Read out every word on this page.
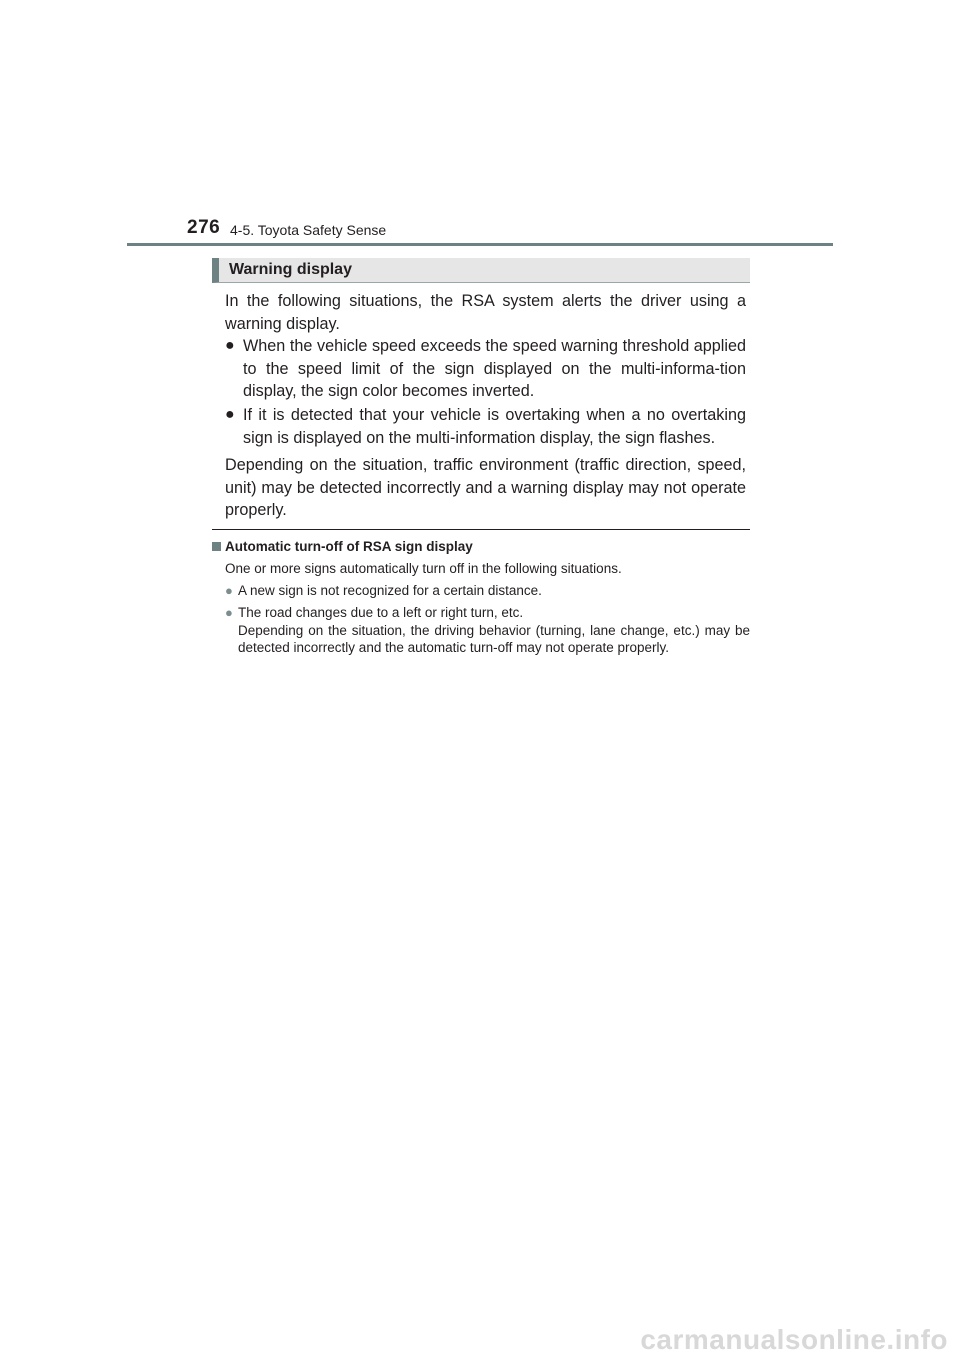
276 4-5. Toyota Safety Sense
Warning display

In the following situations, the RSA system alerts the driver using a warning display.

● When the vehicle speed exceeds the speed warning threshold applied to the speed limit of the sign displayed on the multi-informa-tion display, the sign color becomes inverted.
● If it is detected that your vehicle is overtaking when a no overtaking sign is displayed on the multi-information display, the sign flashes.

Depending on the situation, traffic environment (traffic direction, speed, unit) may be detected incorrectly and a warning display may not operate properly.

Automatic turn-off of RSA sign display

One or more signs automatically turn off in the following situations.

● A new sign is not recognized for a certain distance.
● The road changes due to a left or right turn, etc.
Depending on the situation, the driving behavior (turning, lane change, etc.) may be detected incorrectly and the automatic turn-off may not operate properly.
carmanualsonline.info
